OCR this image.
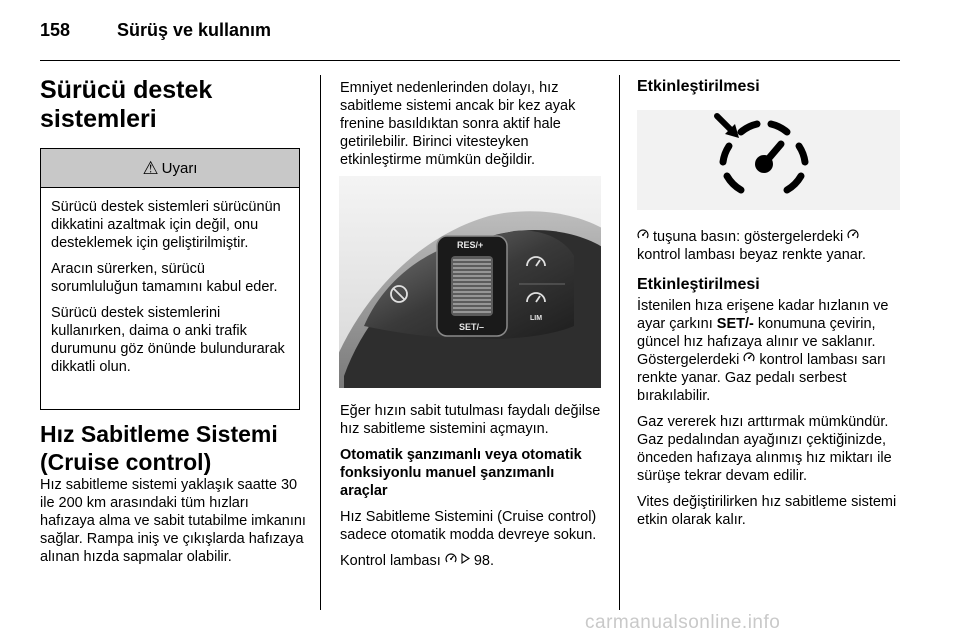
158	Sürüş ve kullanım
Sürücü destek
sistemleri
⚠ Uyarı

Sürücü destek sistemleri sürücünün dikkatini azaltmak için değil, onu desteklemek için geliştirilmiştir.

Aracın sürerken, sürücü sorumluluğun tamamını kabul eder.

Sürücü destek sistemlerini kullanırken, daima o anki trafik durumunu göz önünde bulundurarak dikkatli olun.

Hız Sabitleme Sistemi
(Cruise control)

Hız sabitleme sistemi yaklaşık saatte 30 ile 200 km arasındaki tüm hızları hafızaya alma ve sabit tutabilme imkanını sağlar. Rampa iniş ve çıkışlarda hafızaya alınan hızda sapmalar olabilir.

Emniyet nedenlerinden dolayı, hız sabitleme sistemi ancak bir kez ayak frenine basıldıktan sonra aktif hale getirilebilir. Birinci vitesteyken etkinleştirme mümkün değildir.

RES/+
SET/–
LIM

Eğer hızın sabit tutulması faydalı değilse hız sabitleme sistemini açmayın.

Otomatik şanzımanlı veya otomatik fonksiyonlu manuel şanzımanlı araçlar

Hız Sabitleme Sistemini (Cruise control) sadece otomatik modda devreye sokun.

Kontrol lambası 98.

Etkinleştirilmesi

tuşuna basın: göstergelerdeki  kontrol lambası beyaz renkte yanar.

Etkinleştirilmesi

İstenilen hıza erişene kadar hızlanın ve ayar çarkını SET/- konumuna çevirin, güncel hız hafızaya alınır ve saklanır. Göstergelerdeki kontrol lambası sarı renkte yanar. Gaz pedalı serbest bırakılabilir.

Gaz vererek hızı arttırmak mümkündür. Gaz pedalından ayağınızı çektiğinizde, önceden hafızaya alınmış hız miktarı ile sürüşe tekrar devam edilir.

Vites değiştirilirken hız sabitleme sistemi etkin olarak kalır.

carmanualsonline.info
